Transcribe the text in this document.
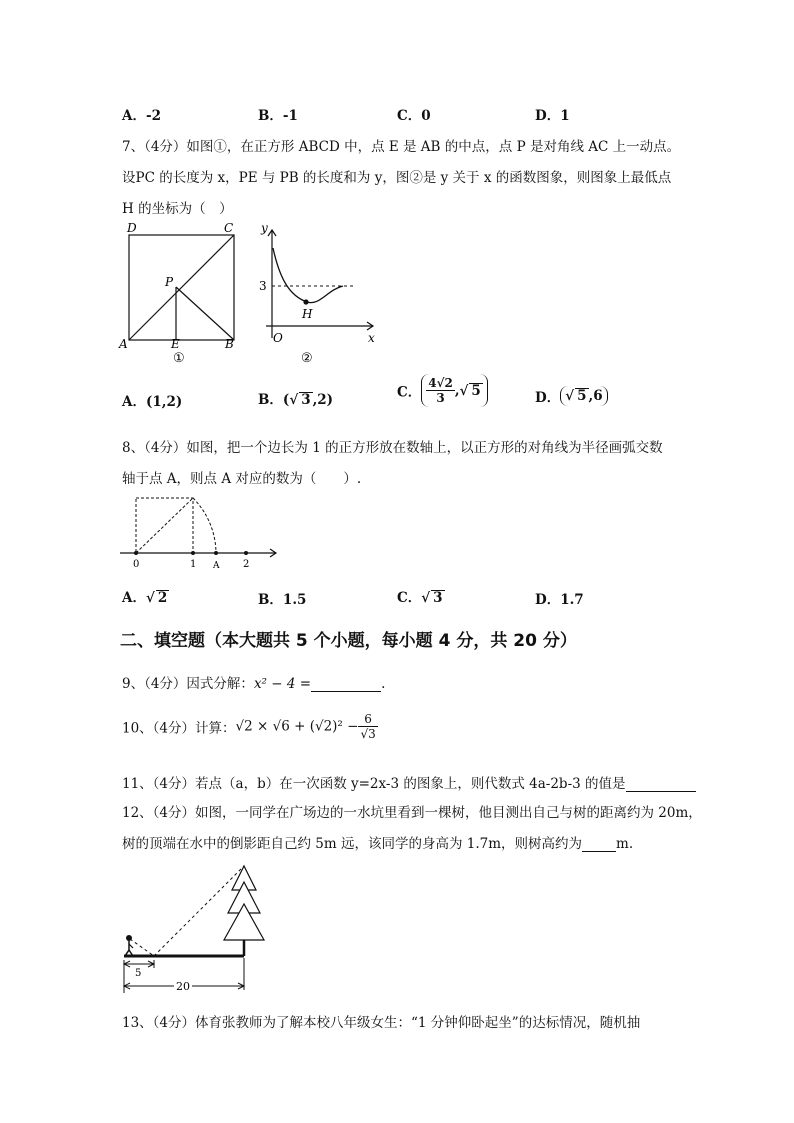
A．-2	B．-1	C．0	D．1
7、（4分）如图①，在正方形 ABCD 中，点 E 是 AB 的中点，点 P 是对角线 AC 上一动点。
设PC 的长度为 x，PE 与 PB 的长度和为 y，图②是 y 关于 x 的函数图象，则图象上最低点
H 的坐标为（　）
D	C
P
A	E	B
①
y
3
H
O	x
②
A．(1,2)	B．(√ 3 ,2)	C． $\frac{4√2}{3}$ ,√ 5	D． √ 5 ,6
8、（4分）如图，把一个边长为 1 的正方形放在数轴上，以正方形的对角线为半径画弧交数
轴于点 A，则点 A 对应的数为（　　）.
0	1 A 2
A．√ 2	B．1.5	C．√ 3	D．1.7
二、填空题（本大题共 5 个小题，每小题 4 分，共 20 分）
9、（4分）因式分解：x² − 4 =	.
10、（4分）计算：$√2 \times √6 + (√2)^2 - \frac{6}{√3}$
11、（4分）若点（a，b）在一次函数 y=2x-3 的图象上，则代数式 4a-2b-3 的值是
12、（4分）如图，一同学在广场边的一水坑里看到一棵树，他目测出自己与树的距离约为 20m，
树的顶端在水中的倒影距自己约 5m 远，该同学的身高为 1.7m，则树高约为	m.
5
20
13、（4分）体育张教师为了解本校八年级女生：“1 分钟仰卧起坐”的达标情况，随机抽
